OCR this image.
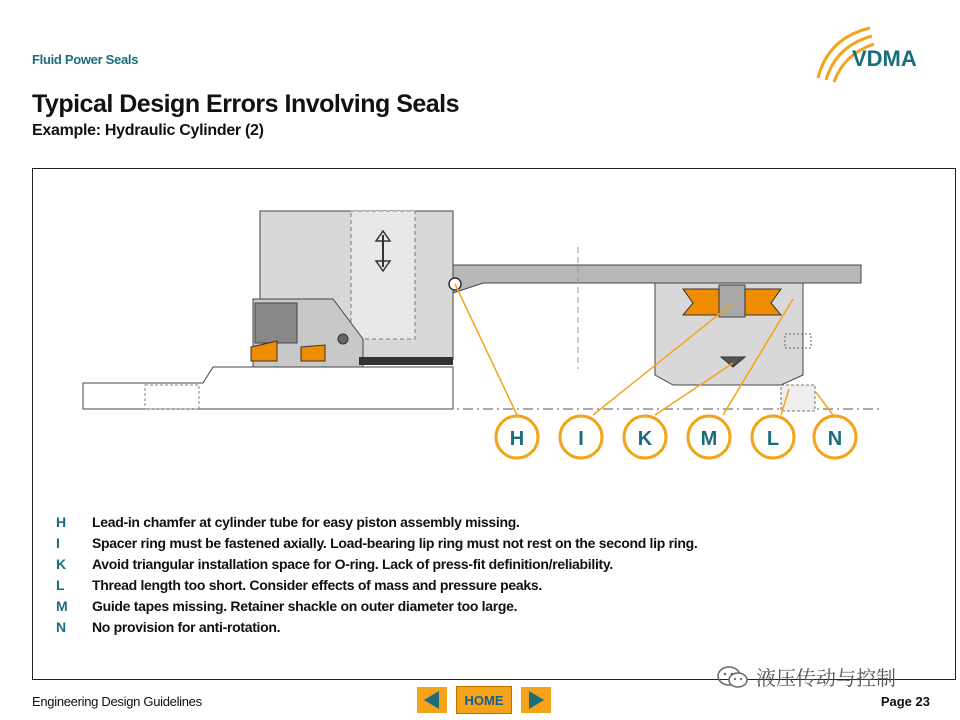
Fluid Power Seals	VDMA
Typical Design Errors Involving Seals
Example: Hydraulic Cylinder (2)
H	I	K M L N
H	Lead-in chamfer at cylinder tube for easy piston assembly missing.
I	Spacer ring must be fastened axially. Load-bearing lip ring must not rest on the second lip ring.
K	Avoid triangular installation space for O-ring. Lack of press-fit definition/reliability.
L	Thread length too short. Consider effects of mass and pressure peaks.
M	Guide tapes missing. Retainer shackle on outer diameter too large.
N	No provision for anti-rotation.
液压传动与控制
Engineering Design Guidelines	HOME	Page 23
